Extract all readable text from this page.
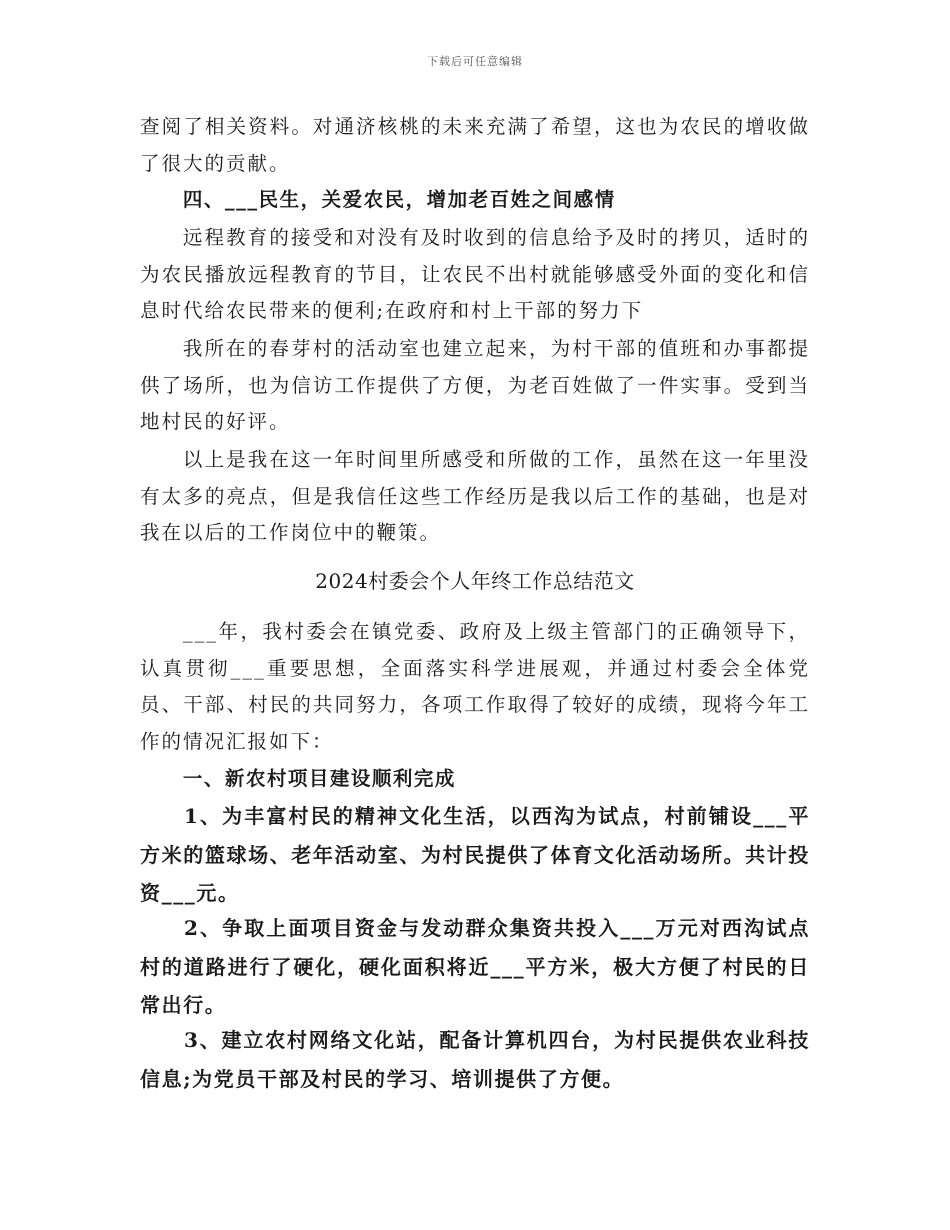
下载后可任意编辑

查阅了相关资料。对通济核桃的未来充满了希望，这也为农民的增收做了很大的贡献。

四、___民生，关爱农民，增加老百姓之间感情

远程教育的接受和对没有及时收到的信息给予及时的拷贝，适时的为农民播放远程教育的节目，让农民不出村就能够感受外面的变化和信息时代给农民带来的便利;在政府和村上干部的努力下

我所在的春芽村的活动室也建立起来，为村干部的值班和办事都提供了场所，也为信访工作提供了方便，为老百姓做了一件实事。受到当地村民的好评。

以上是我在这一年时间里所感受和所做的工作，虽然在这一年里没有太多的亮点，但是我信任这些工作经历是我以后工作的基础，也是对我在以后的工作岗位中的鞭策。

2024村委会个人年终工作总结范文

___年，我村委会在镇党委、政府及上级主管部门的正确领导下，认真贯彻___重要思想，全面落实科学进展观，并通过村委会全体党员、干部、村民的共同努力，各项工作取得了较好的成绩，现将今年工作的情况汇报如下：

一、新农村项目建设顺利完成

1、为丰富村民的精神文化生活，以西沟为试点，村前铺设___平方米的篮球场、老年活动室、为村民提供了体育文化活动场所。共计投资___元。

2、争取上面项目资金与发动群众集资共投入___万元对西沟试点村的道路进行了硬化，硬化面积将近___平方米，极大方便了村民的日常出行。

3、建立农村网络文化站，配备计算机四台，为村民提供农业科技信息;为党员干部及村民的学习、培训提供了方便。
